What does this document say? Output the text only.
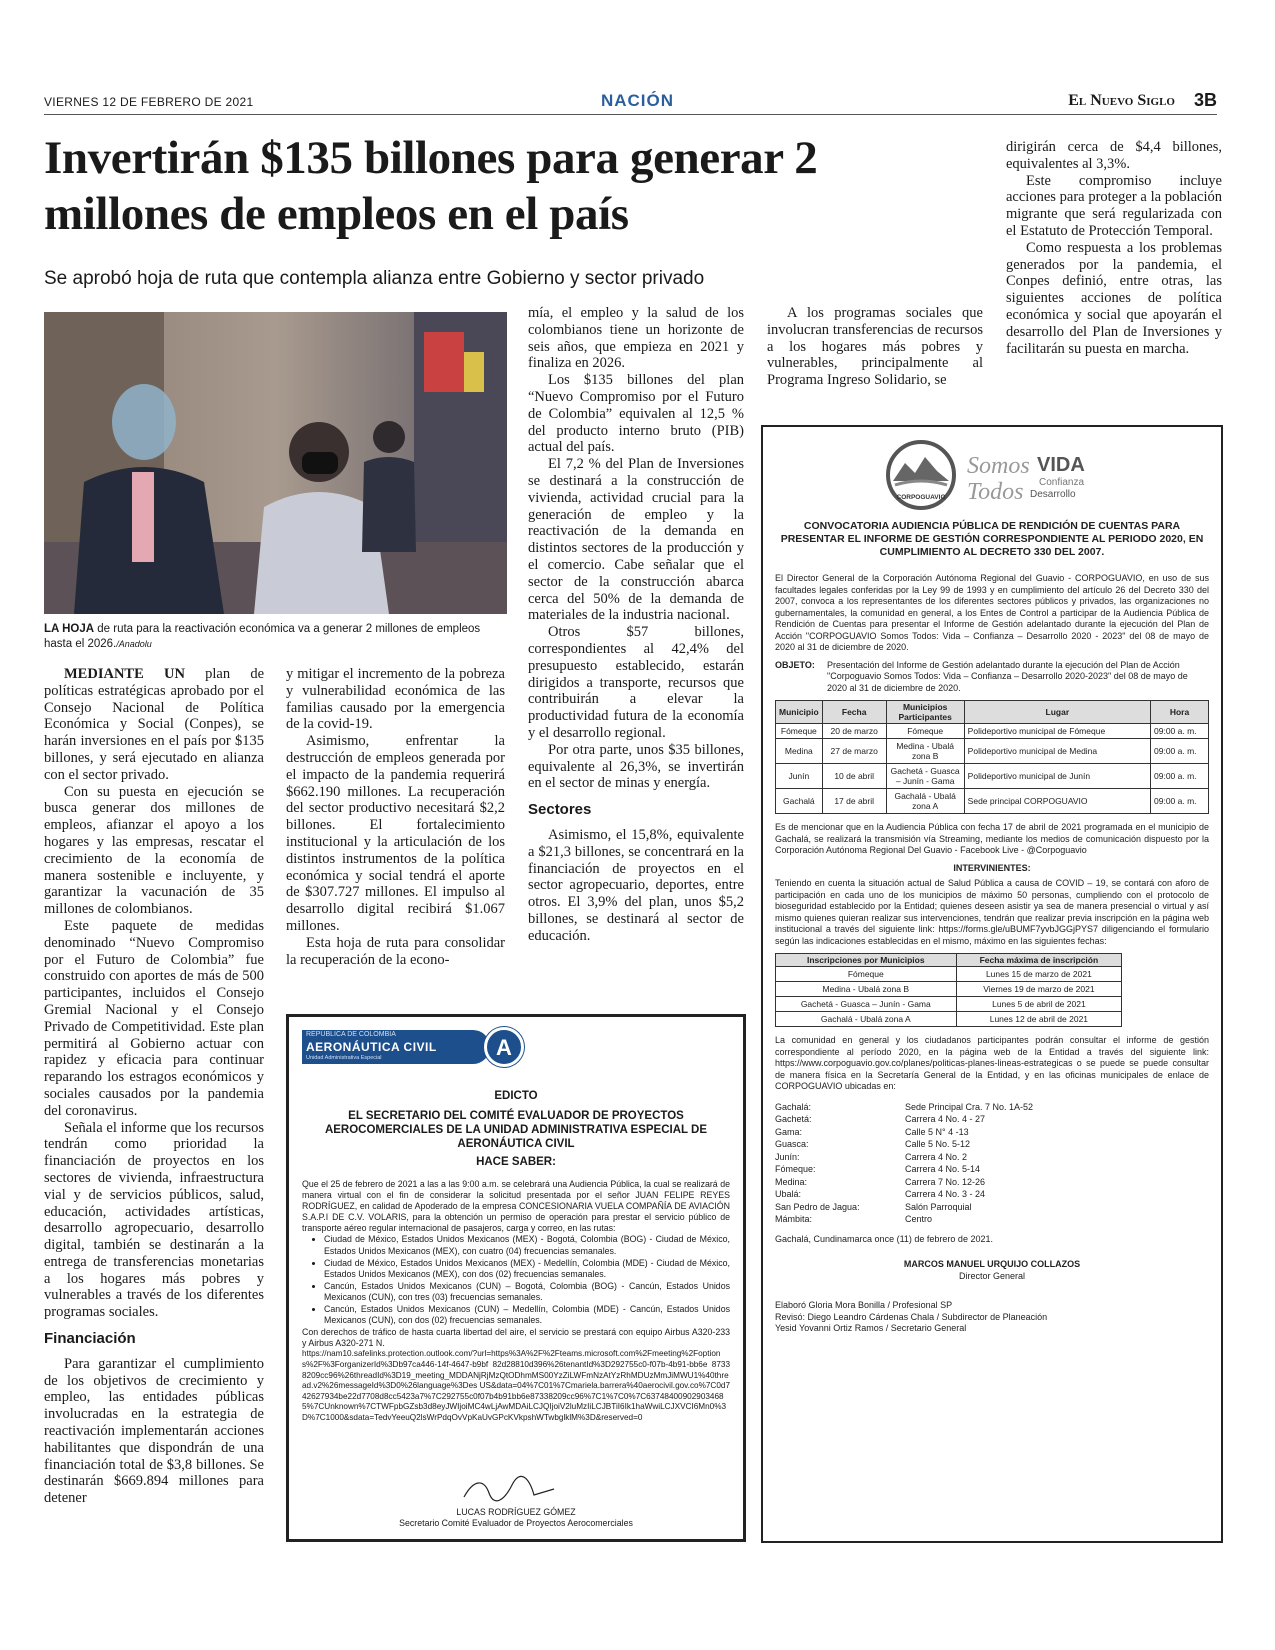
VIERNES 12 DE FEBRERO DE 2021	NACIÓN	El Nuevo Siglo 3B
Invertirán $135 billones para generar 2 millones de empleos en el país
Se aprobó hoja de ruta que contempla alianza entre Gobierno y sector privado
LA HOJA de ruta para la reactivación económica va a generar 2 millones de empleos hasta el 2026./Anadolu

MEDIANTE UN plan de políticas estratégicas aprobado por el Consejo Nacional de Política Económica y Social (Conpes), se harán inversiones en el país por $135 billones, y será ejecutado en alianza con el sector privado.

Con su puesta en ejecución se busca generar dos millones de empleos, afianzar el apoyo a los hogares y las empresas, rescatar el crecimiento de la economía de manera sostenible e incluyente, y garantizar la vacunación de 35 millones de colombianos.

Este paquete de medidas denominado “Nuevo Compromiso por el Futuro de Colombia” fue construido con aportes de más de 500 participantes, incluidos el Consejo Gremial Nacional y el Consejo Privado de Competitividad. Este plan permitirá al Gobierno actuar con rapidez y eficacia para continuar reparando los estragos económicos y sociales causados por la pandemia del coronavirus.

Señala el informe que los recursos tendrán como prioridad la financiación de proyectos en los sectores de vivienda, infraestructura vial y de servicios públicos, salud, educación, actividades artísticas, desarrollo agropecuario, desarrollo digital, también se destinarán a la entrega de transferencias monetarias a los hogares más pobres y vulnerables a través de los diferentes programas sociales.

Financiación

Para garantizar el cumplimiento de los objetivos de crecimiento y empleo, las entidades públicas involucradas en la estrategia de reactivación implementarán acciones habilitantes que dispondrán de una financiación total de $3,8 billones. Se destinarán $669.894 millones para detener

y mitigar el incremento de la pobreza y vulnerabilidad económica de las familias causado por la emergencia de la covid-19.

Asimismo, enfrentar la destrucción de empleos generada por el impacto de la pandemia requerirá $662.190 millones. La recuperación del sector productivo necesitará $2,2 billones. El fortalecimiento institucional y la articulación de los distintos instrumentos de la política económica y social tendrá el aporte de $307.727 millones. El impulso al desarrollo digital recibirá $1.067 millones.

Esta hoja de ruta para consolidar la recuperación de la econo-

mía, el empleo y la salud de los colombianos tiene un horizonte de seis años, que empieza en 2021 y finaliza en 2026.

Los $135 billones del plan “Nuevo Compromiso por el Futuro de Colombia” equivalen al 12,5 % del producto interno bruto (PIB) actual del país.

El 7,2 % del Plan de Inversiones se destinará a la construcción de vivienda, actividad crucial para la generación de empleo y la reactivación de la demanda en distintos sectores de la producción y el comercio. Cabe señalar que el sector de la construcción abarca cerca del 50% de la demanda de materiales de la industria nacional.

Otros $57 billones, correspondientes al 42,4% del presupuesto establecido, estarán dirigidos a transporte, recursos que contribuirán a elevar la productividad futura de la economía y el desarrollo regional.

Por otra parte, unos $35 billones, equivalente al 26,3%, se invertirán en el sector de minas y energía.

Sectores

Asimismo, el 15,8%, equivalente a $21,3 billones, se concentrará en la financiación de proyectos en el sector agropecuario, deportes, entre otros. El 3,9% del plan, unos $5,2 billones, se destinará al sector de educación.

A los programas sociales que involucran transferencias de recursos a los hogares más pobres y vulnerables, principalmente al Programa Ingreso Solidario, se

dirigirán cerca de $4,4 billones, equivalentes al 3,3%.

Este compromiso incluye acciones para proteger a la población migrante que será regularizada con el Estatuto de Protección Temporal.

Como respuesta a los problemas generados por la pandemia, el Conpes definió, entre otras, las siguientes acciones de política económica y social que apoyarán el desarrollo del Plan de Inversiones y facilitarán su puesta en marcha.

REPÚBLICA DE COLOMBIA
AERONÁUTICA CIVIL
Unidad Administrativa Especial	A
EDICTO
EL SECRETARIO DEL COMITÉ EVALUADOR DE PROYECTOS AEROCOMERCIALES DE LA UNIDAD ADMINISTRATIVA ESPECIAL DE AERONÁUTICA CIVIL
HACE SABER:

Que el 25 de febrero de 2021 a las a las 9:00 a.m. se celebrará una Audiencia Pública, la cual se realizará de manera virtual con el fin de considerar la solicitud presentada por el señor JUAN FELIPE REYES RODRÍGUEZ, en calidad de Apoderado de la empresa CONCESIONARIA VUELA COMPAÑÍA DE AVIACIÓN S.A.P.I DE C.V. VOLARIS, para la obtención un permiso de operación para prestar el servicio público de transporte aéreo regular internacional de pasajeros, carga y correo, en las rutas:

• Ciudad de México, Estados Unidos Mexicanos (MEX) - Bogotá, Colombia (BOG) - Ciudad de México, Estados Unidos Mexicanos (MEX), con cuatro (04) frecuencias semanales.
• Ciudad de México, Estados Unidos Mexicanos (MEX) - Medellín, Colombia (MDE) - Ciudad de México, Estados Unidos Mexicanos (MEX), con dos (02) frecuencias semanales.
• Cancún, Estados Unidos Mexicanos (CUN) – Bogotá, Colombia (BOG) - Cancún, Estados Unidos Mexicanos (CUN), con tres (03) frecuencias semanales.
• Cancún, Estados Unidos Mexicanos (CUN) – Medellín, Colombia (MDE) - Cancún, Estados Unidos Mexicanos (CUN), con dos (02) frecuencias semanales.

Con derechos de tráfico de hasta cuarta libertad del aire, el servicio se prestará con equipo Airbus A320-233 y Airbus A320-271 N.

https://nam10.safelinks.protection.outlook.com/?url=https%3A%2F%2Fteams.microsoft.com%2Fmeeting%2Foptions%2F%3ForganizerId%3Db97ca446-14f-4647-b9bf 82d28810d396%26tenantId%3D292755c0-f07b-4b91-bb6e 87338209cc96%26threadId%3D19_meeting_MDDANjRjMzQtODhmMS00YzZiLWFmNzAtYzRhMDUzMmJiMWU1%40thread.v2%26messageId%3D0%26language%3Des US&data=04%7C01%7Cmariela.barrera%40aerocivil.gov.co%7C0d742627934be22d7708d8cc5423a7%7C292755c0f07b4b91bb6e87338209cc96%7C1%7C0%7C637484009029034685%7CUnknown%7CTWFpbGZsb3d8eyJWIjoiMC4wLjAwMDAiLCJQIjoiV2luMzIiLCJBTiI6Ik1haWwiLCJXVCI6Mn0%3D%7C1000&sdata=TedvYeeuQ2lsWrPdqOvVpKaUvGPcKVkpshWTwbglklM%3D&reserved=0

LUCAS RODRÍGUEZ GÓMEZ
Secretario Comité Evaluador de Proyectos Aerocomerciales
CORPOGUAVIO
Somos
Todos
VIDA
Confianza
Desarrollo
CONVOCATORIA AUDIENCIA PÚBLICA DE RENDICIÓN DE CUENTAS PARA PRESENTAR EL INFORME DE GESTIÓN CORRESPONDIENTE AL PERIODO 2020, EN CUMPLIMIENTO AL DECRETO 330 DEL 2007.

El Director General de la Corporación Autónoma Regional del Guavio - CORPOGUAVIO, en uso de sus facultades legales conferidas por la Ley 99 de 1993 y en cumplimiento del artículo 26 del Decreto 330 del 2007, convoca a los representantes de los diferentes sectores públicos y privados, las organizaciones no gubernamentales, la comunidad en general, a los Entes de Control a participar de la Audiencia Pública de Rendición de Cuentas para presentar el Informe de Gestión adelantado durante la ejecución del Plan de Acción "CORPOGUAVIO Somos Todos: Vida – Confianza – Desarrollo 2020 - 2023" del 08 de mayo de 2020 al 31 de diciembre de 2020.

OBJETO:	Presentación del Informe de Gestión adelantado durante la ejecución del Plan de Acción "Corpoguavio Somos Todos: Vida – Confianza – Desarrollo 2020-2023" del 08 de mayo de 2020 al 31 de diciembre de 2020.
Municipio	Fecha	Municipios Participantes	Lugar	Hora
Fómeque	20 de marzo	Fómeque	Polideportivo municipal de Fómeque	09:00 a. m.
Medina	27 de marzo	Medina - Ubalá zona B	Polideportivo municipal de Medina	09:00 a. m.
Junín	10 de abril	Gachetá - Guasca – Junín - Gama	Polideportivo municipal de Junín	09:00 a. m.
Gachalá	17 de abril	Gachalá - Ubalá zona A	Sede principal CORPOGUAVIO	09:00 a. m.

Es de mencionar que en la Audiencia Pública con fecha 17 de abril de 2021 programada en el municipio de Gachalá, se realizará la transmisión vía Streaming, mediante los medios de comunicación dispuesto por la Corporación Autónoma Regional Del Guavio - Facebook Live - @Corpoguavio

INTERVINIENTES:

Teniendo en cuenta la situación actual de Salud Pública a causa de COVID – 19, se contará con aforo de participación en cada uno de los municipios de máximo 50 personas, cumpliendo con el protocolo de bioseguridad establecido por la Entidad; quienes deseen asistir ya sea de manera presencial o virtual y así mismo quienes quieran realizar sus intervenciones, tendrán que realizar previa inscripción en la página web institucional a través del siguiente link: https://forms.gle/uBUMF7yvbJGGjPYS7 diligenciando el formulario según las indicaciones establecidas en el mismo, máximo en las siguientes fechas:

Inscripciones por Municipios	Fecha máxima de inscripción
Fómeque	Lunes 15 de marzo de 2021
Medina - Ubalá zona B	Viernes 19 de marzo de 2021
Gachetá - Guasca – Junín - Gama	Lunes 5 de abril de 2021
Gachalá - Ubalá zona A	Lunes 12 de abril de 2021

La comunidad en general y los ciudadanos participantes podrán consultar el informe de gestión correspondiente al período 2020, en la página web de la Entidad a través del siguiente link: https://www.corpoguavio.gov.co/planes/politicas-planes-lineas-estrategicas o se puede se puede consultar de manera física en la Secretaría General de la Entidad, y en las oficinas municipales de enlace de CORPOGUAVIO ubicadas en:

Gachalá:	Sede Principal Cra. 7 No. 1A-52
Gachetá:	Carrera 4 No. 4 - 27
Gama:	Calle 5 N° 4 -13
Guasca:	Calle 5 No. 5-12
Junín:	Carrera 4 No. 2
Fómeque:	Carrera 4 No. 5-14
Medina:	Carrera 7 No. 12-26
Ubalá:	Carrera 4 No. 3 - 24
San Pedro de Jagua:	Salón Parroquial
Mámbita:	Centro

Gachalá, Cundinamarca once (11) de febrero de 2021.

MARCOS MANUEL URQUIJO COLLAZOS
Director General
Elaboró Gloria Mora Bonilla / Profesional SP
Revisó: Diego Leandro Cárdenas Chala / Subdirector de Planeación
Yesid Yovanni Ortiz Ramos / Secretario General
